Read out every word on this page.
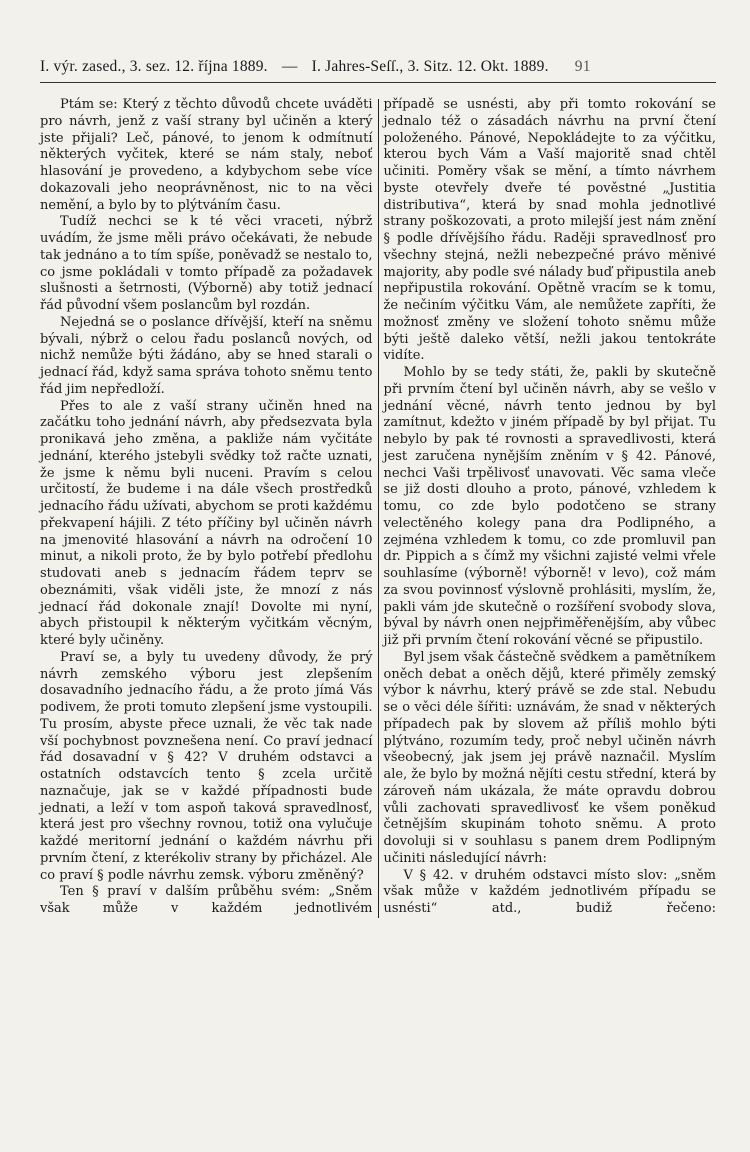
I. výr. zased., 3. sez. 12. října 1889. — I. Jahres-Seſſ., 3. Sitz. 12. Okt. 1889. 91

Ptám se: Který z těchto důvodů chcete uváděti pro návrh, jenž z vaší strany byl učiněn a který jste přijali? Leč, pánové, to jenom k odmítnutí některých vyčitek, které se nám staly, neboť hlasování je provedeno, a kdybychom sebe více dokazovali jeho neoprávněnost, nic to na věci nemění, a bylo by to plýtváním času.

Tudíž nechci se k té věci vraceti, nýbrž uvádím, že jsme měli právo očekávati, že nebude tak jednáno a to tím spíše, poněvadž se nestalo to, co jsme pokládali v tomto případě za požadavek slušnosti a šetrnosti, (Výborně) aby totiž jednací řád původní všem poslancům byl rozdán.

Nejedná se o poslance dřívější, kteří na sněmu bývali, nýbrž o celou řadu poslanců nových, od nichž nemůže býti žádáno, aby se hned starali o jednací řád, když sama správa tohoto sněmu tento řád jim nepředloží.

Přes to ale z vaší strany učiněn hned na začátku toho jednání návrh, aby předsezvata byla pronikavá jeho změna, a pakliže nám vyčitáte jednání, kterého jstebyli svědky tož račte uznati, že jsme k němu byli nuceni. Pravím s celou určitostí, že budeme i na dále všech prostředků jednacího řádu užívati, abychom se proti každému překvapení hájili. Z této příčiny byl učiněn návrh na jmenovité hlasování a návrh na odročení 10 minut, a nikoli proto, že by bylo potřebí předlohu studovati aneb s jednacím řádem teprv se obeznámiti, však viděli jste, že mnozí z nás jednací řád dokonale znají! Dovolte mi nyní, abych přistoupil k některým vyčitkám věcným, které byly učiněny.

Praví se, a byly tu uvedeny důvody, že prý návrh zemského výboru jest zlepšením dosavadního jednacího řádu, a že proto jímá Vás podivem, že proti tomuto zlepšení jsme vystoupili. Tu prosím, abyste přece uznali, že věc tak nade vší pochybnost povznešena není. Co praví jednací řád dosavadní v § 42? V druhém odstavci a ostatních odstavcích tento § zcela určitě naznačuje, jak se v každé případnosti bude jednati, a leží v tom aspoň taková spravedlnosť, která jest pro všechny rovnou, totiž ona vylučuje každé meritorní jednání o každém návrhu při prvním čtení, z kterékoliv strany by přicházel. Ale co praví § podle návrhu zemsk. výboru změněný?

Ten § praví v dalším průběhu svém: „Sněm však může v každém jednotlivém

případě se usnésti, aby při tomto rokování se jednalo též o zásadách návrhu na první čtení položeného. Pánové, Nepokládejte to za výčitku, kterou bych Vám a Vaší majoritě snad chtěl učiniti. Poměry však se mění, a tímto návrhem byste otevřely dveře té pověstné „Justitia distributiva“, která by snad mohla jednotlivé strany poškozovati, a proto milejší jest nám znění § podle dřívějšího řádu. Raději spravedlnosť pro všechny stejná, nežli nebezpečné právo měnivé majority, aby podle své nálady buď připustila aneb nepřipustila rokování. Opětně vracím se k tomu, že nečiním výčitku Vám, ale nemůžete zapříti, že možnosť změny ve složení tohoto sněmu může býti ještě daleko větší, nežli jakou tentokráte vidíte.

Mohlo by se tedy státi, že, pakli by skutečně při prvním čtení byl učiněn návrh, aby se vešlo v jednání věcné, návrh tento jednou by byl zamítnut, kdežto v jiném případě by byl přijat. Tu nebylo by pak té rovnosti a spravedlivosti, která jest zaručena nynějším zněním v § 42. Pánové, nechci Vaši trpělivosť unavovati. Věc sama vleče se již dosti dlouho a proto, pánové, vzhledem k tomu, co zde bylo podotčeno se strany velectěného kolegy pana dra Podlipného, a zejména vzhledem k tomu, co zde promluvil pan dr. Pippich a s čímž my všichni zajisté velmi vřele souhlasíme (výborně! výborně! v levo), což mám za svou povinnosť výslovně prohlásiti, myslím, že, pakli vám jde skutečně o rozšíření svobody slova, býval by návrh onen nejpřiměřenějším, aby vůbec již při prvním čtení rokování věcné se připustilo.

Byl jsem však částečně svědkem a pamětníkem oněch debat a oněch dějů, které přiměly zemský výbor k návrhu, který právě se zde stal. Nebudu se o věci déle šířiti: uznávám, že snad v některých případech pak by slovem až příliš mohlo býti plýtváno, rozumím tedy, proč nebyl učiněn návrh všeobecný, jak jsem jej právě naznačil. Myslím ale, že bylo by možná nějíti cestu střední, která by zároveň nám ukázala, že máte opravdu dobrou vůli zachovati spravedlivosť ke všem poněkud četnějším skupinám tohoto sněmu. A proto dovoluji si v souhlasu s panem drem Podlipným učiniti následující návrh:

V § 42. v druhém odstavci místo slov: „sněm však může v každém jednotlivém případu se usnésti“ atd., budiž řečeno:
